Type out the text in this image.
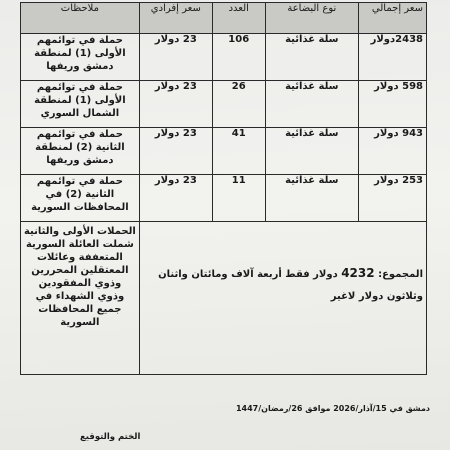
سعر إجمالي	نوع البضاعة	العدد	سعر إفرادي	ملاحظات
2438دولار	سلة غذائية	106	23 دولار	حملة في توائمهم الأولى (1) لمنطقة دمشق وريفها
598 دولار	سلة غذائية	26	23 دولار	حملة في توائمهم الأولى (1) لمنطقة الشمال السوري
943 دولار	سلة غذائية	41	23 دولار	حملة في توائمهم الثانية (2) لمنطقة دمشق وريفها
253 دولار	سلة غذائية	11	23 دولار	حملة في توائمهم الثانية (2) في المحافظات السورية
المجموع: 4232 دولار فقط أربعة آلاف ومائتان واثنان وثلاثون دولار لاغير				الحملات الأولى والثانية شملت العائلة السورية المتعففة وعائلات المعتقلين المحررين وذوي المفقودين وذوي الشهداء في جميع المحافظات السورية
دمشق في 15/آذار/2026 موافق 26/رمضان/1447
الختم والتوقيع
